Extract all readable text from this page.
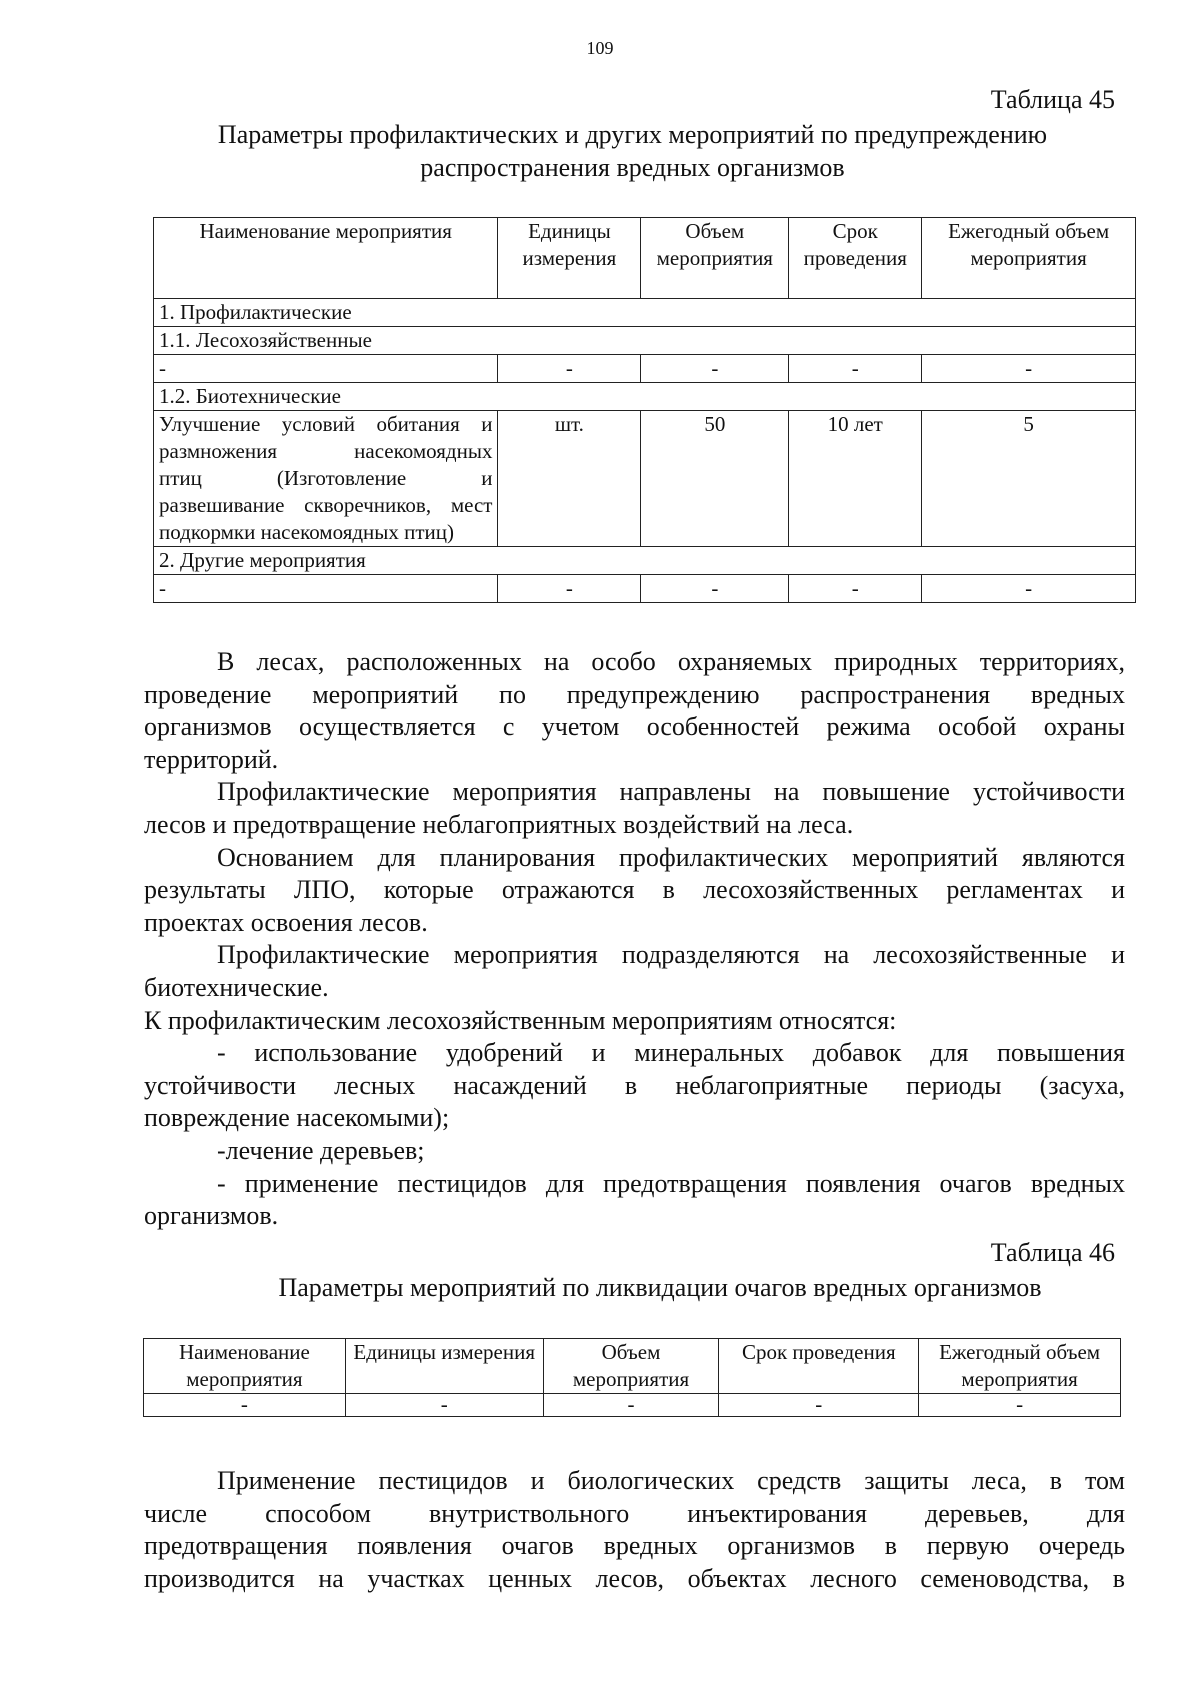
109
Таблица 45
Параметры профилактических и других мероприятий по предупреждению
распространения вредных организмов
Наименование мероприятия	Единицы измерения	Объем мероприятия	Срок проведения	Ежегодный объем мероприятия
1. Профилактические				
1.1. Лесохозяйственные				
-	-	-	-	-
1.2. Биотехнические				

Улучшение условий обитания и
размножения насекомоядных
птиц (Изготовление и
развешивание скворечников, мест
подкормки насекомоядных птиц)	шт.	50	10 лет	5
2. Другие мероприятия				
-	-	-	-	-
В лесах, расположенных на особо охраняемых природных территориях,
проведение мероприятий по предупреждению распространения вредных
организмов осуществляется с учетом особенностей режима особой охраны
территорий.
Профилактические мероприятия направлены на повышение устойчивости
лесов и предотвращение неблагоприятных воздействий на леса.
Основанием для планирования профилактических мероприятий являются
результаты ЛПО, которые отражаются в лесохозяйственных регламентах и
проектах освоения лесов.
Профилактические мероприятия подразделяются на лесохозяйственные и
биотехнические.
К профилактическим лесохозяйственным мероприятиям относятся:
- использование удобрений и минеральных добавок для повышения
устойчивости лесных насаждений в неблагоприятные периоды (засуха,
повреждение насекомыми);
-лечение деревьев;
- применение пестицидов для предотвращения появления очагов вредных
организмов.
Таблица 46
Параметры мероприятий по ликвидации очагов вредных организмов
Наименование мероприятия	Единицы измерения	Объем мероприятия	Срок проведения	Ежегодный объем мероприятия
-	-	-	-	-
Применение пестицидов и биологических средств защиты леса, в том
числе способом внутриствольного инъектирования деревьев, для
предотвращения появления очагов вредных организмов в первую очередь
производится на участках ценных лесов, объектах лесного семеноводства, в
